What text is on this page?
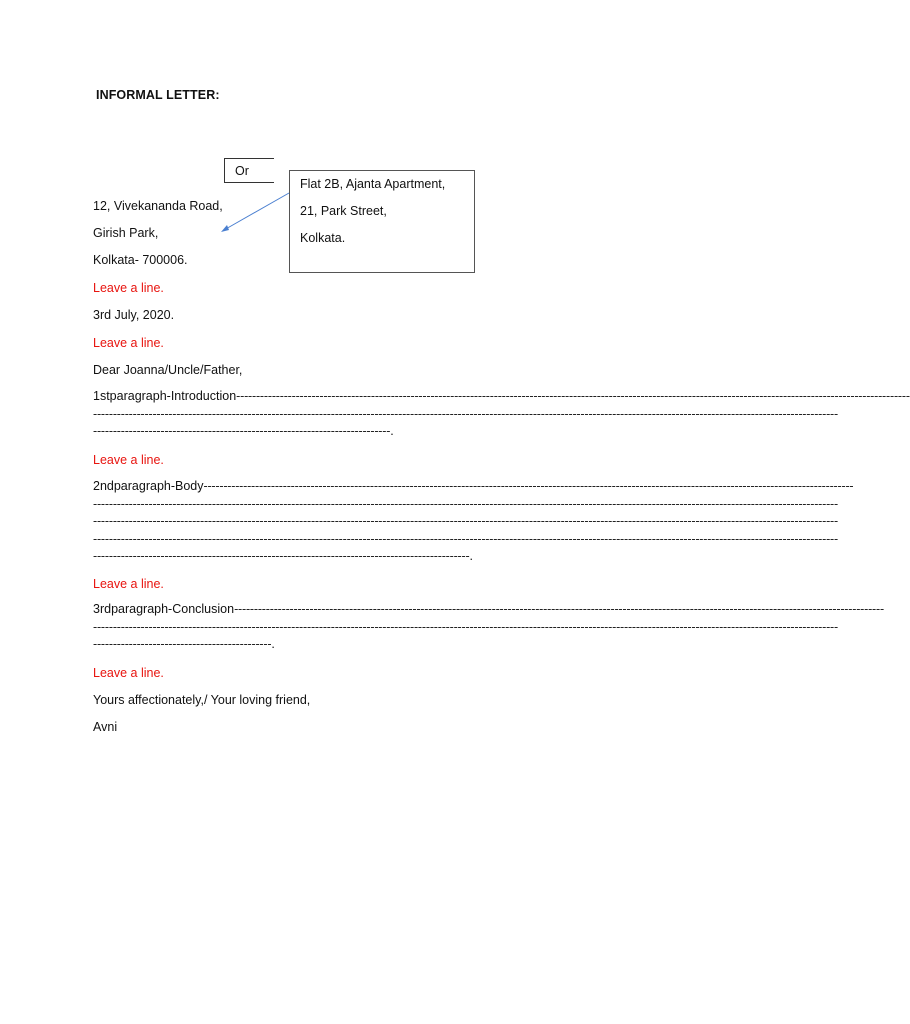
INFORMAL LETTER:
Or
Flat 2B, Ajanta Apartment,
21, Park Street,
Kolkata.
12, Vivekananda Road,
Girish Park,
Kolkata- 700006.
Leave a line.
3rd July, 2020.
Leave a line.
Dear Joanna/Uncle/Father,
1stparagraph-Introduction --------------------------------------------------------------------------------------------------------------------------------------------------------------------------
--------------------------------------------------------------------------------------------------------------------------------------------------------------------------------------------
--------------------------------------------------------------------------- .
Leave a line.
2ndparagraph-Body --------------------------------------------------------------------------------------------------------------------------------------------------------------------
--------------------------------------------------------------------------------------------------------------------------------------------------------------------------------------------
--------------------------------------------------------------------------------------------------------------------------------------------------------------------------------------------
--------------------------------------------------------------------------------------------------------------------------------------------------------------------------------------------
----------------------------------------------------------------------------------------------- .
Leave a line.
3rdparagraph-Conclusion --------------------------------------------------------------------------------------------------------------------------------------------------------------------
--------------------------------------------------------------------------------------------------------------------------------------------------------------------------------------------
--------------------------------------------- .
Leave a line.
Yours affectionately,/ Your loving friend,
Avni
